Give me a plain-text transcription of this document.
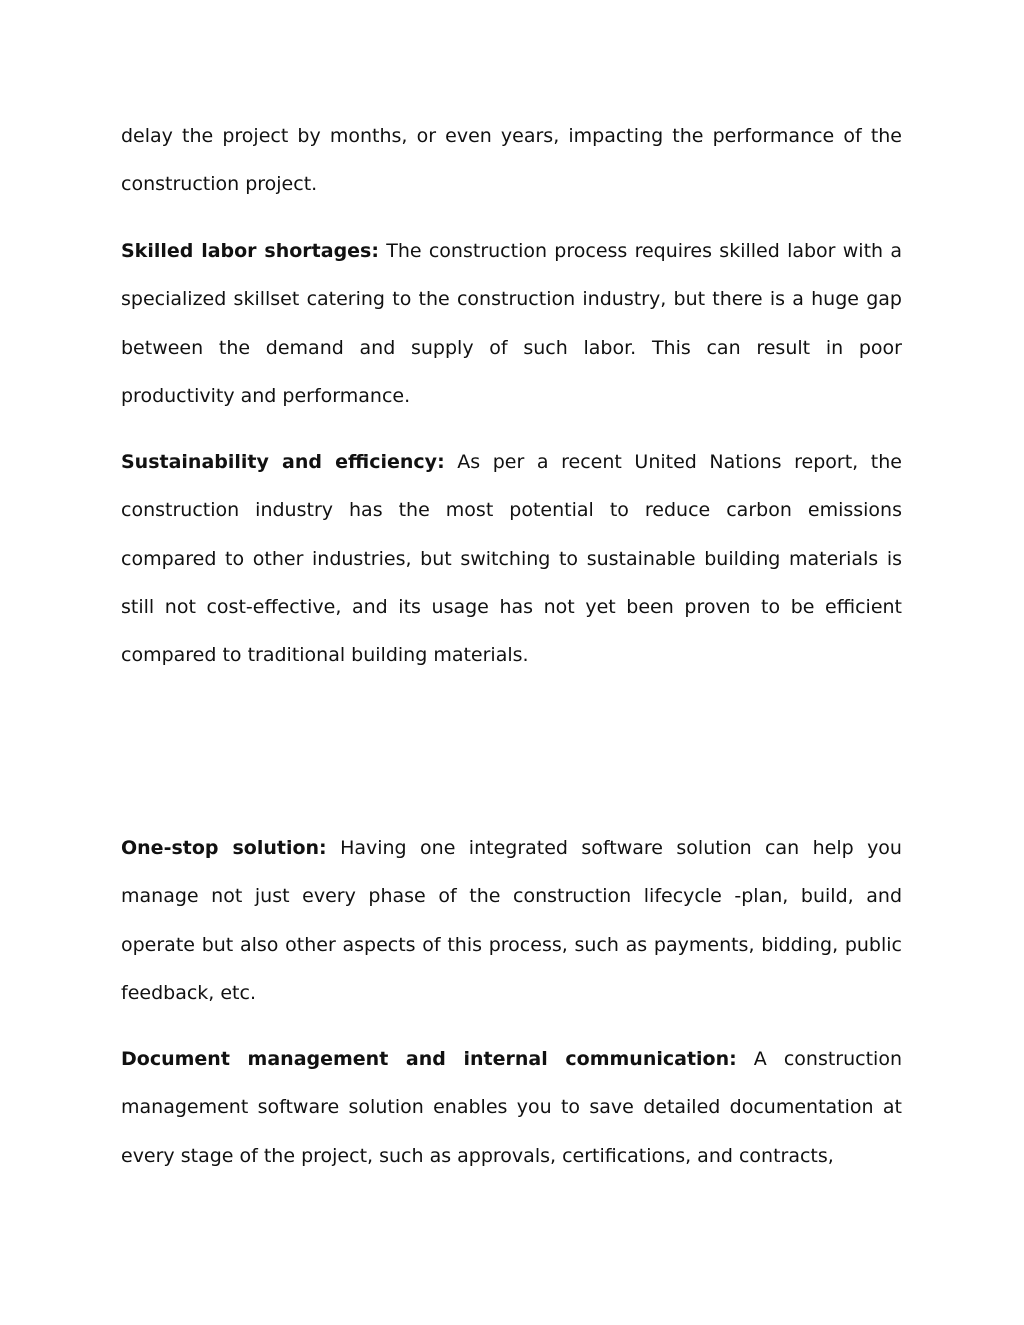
delay the project by months, or even years, impacting the performance of the construction project.

Skilled labor shortages: The construction process requires skilled labor with a specialized skillset catering to the construction industry, but there is a huge gap between the demand and supply of such labor. This can result in poor productivity and performance.

Sustainability and efficiency: As per a recent United Nations report, the construction industry has the most potential to reduce carbon emissions compared to other industries, but switching to sustainable building materials is still not cost-effective, and its usage has not yet been proven to be efficient compared to traditional building materials.

One-stop solution: Having one integrated software solution can help you manage not just every phase of the construction lifecycle -plan, build, and operate but also other aspects of this process, such as payments, bidding, public feedback, etc.

Document management and internal communication: A construction management software solution enables you to save detailed documentation at every stage of the project, such as approvals, certifications, and contracts,
